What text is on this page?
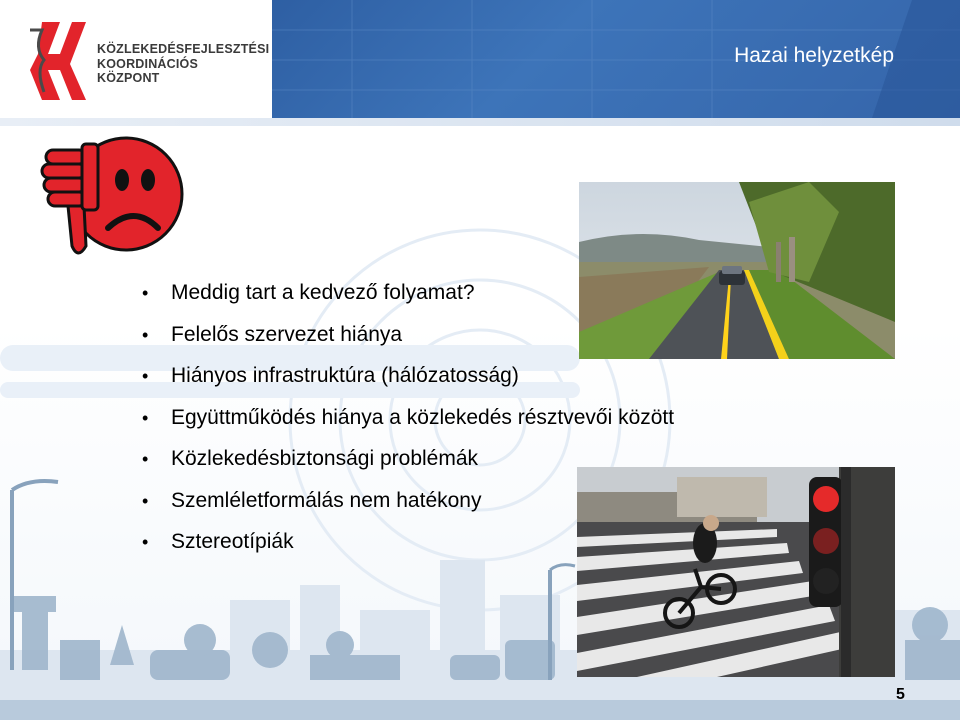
KÖZLEKEDÉSFEJLESZTÉSI
KOORDINÁCIÓS
KÖZPONT
Hazai helyzetkép
• Meddig tart a kedvező folyamat?
• Felelős szervezet hiánya
• Hiányos infrastruktúra (hálózatosság)
• Együttműködés hiánya a közlekedés résztvevői között
• Közlekedésbiztonsági problémák
• Szemléletformálás nem hatékony
• Sztereotípiák
5
